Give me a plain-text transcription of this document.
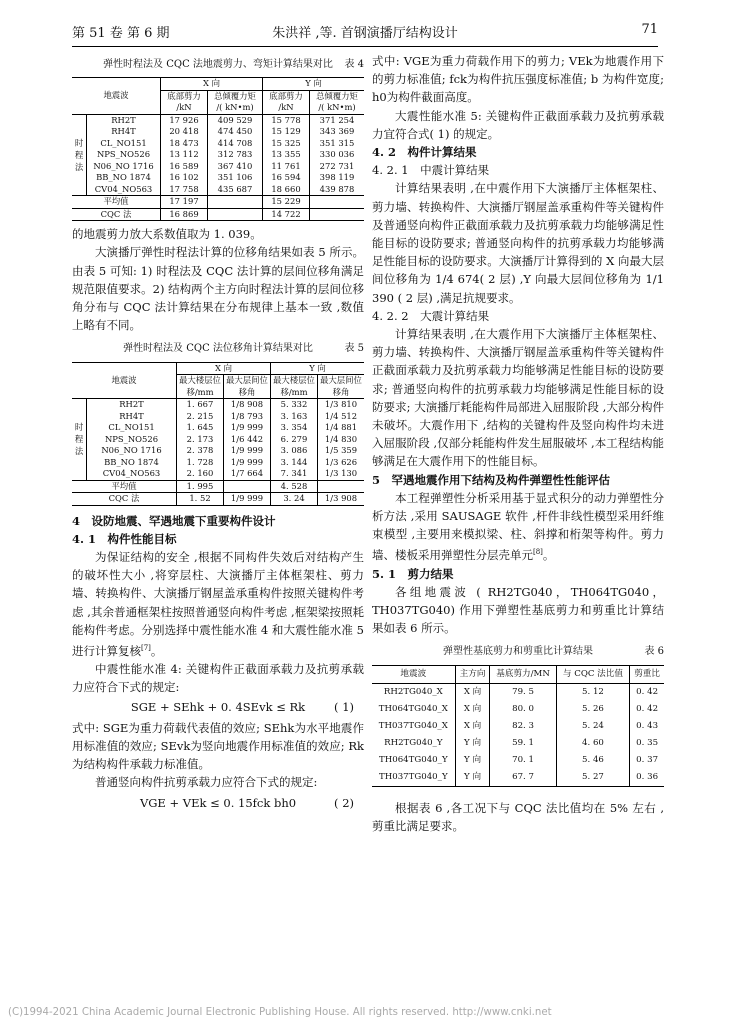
第 51 卷 第 6 期	朱洪祥 ,等. 首钢演播厅结构设计	71
弹性时程法及 CQC 法地震剪力、弯矩计算结果对比 表 4
地震波		X 向		Y 向	
		底部剪力 /kN	总倾覆力矩 /( kN•m)	底部剪力 /kN	总倾覆力矩 /( kN•m)
时程法	RH2T	17 926	409 529	15 778	371 254
	RH4T	20 418	474 450	15 129	343 369
	CL_NO151	18 473	414 708	15 325	351 315
	NPS_NO526	13 112	312 783	13 355	330 036
	N06_NO 1716	16 589	367 410	11 761	272 731
	BB_NO 1874	16 102	351 106	16 594	398 119
	CV04_NO563	17 758	435 687	18 660	439 878
平均值		17 197		15 229	
CQC 法		16 869		14 722	

的地震剪力放大系数值取为 1. 039。

大演播厅弹性时程法计算的位移角结果如表 5 所示。由表 5 可知: 1) 时程法及 CQC 法计算的层间位移角满足规范限值要求。2) 结构两个主方向时程法计算的层间位移角分布与 CQC 法计算结果在分布规律上基本一致 ,数值上略有不同。

弹性时程法及 CQC 法位移角计算结果对比	表 5
地震波		X 向		Y 向	
		最大楼层位移/mm	最大层间位移角	最大楼层位移/mm	最大层间位移角
时程法	RH2T	1. 667	1/8 908	5. 332	1/3 810
	RH4T	2. 215	1/8 793	3. 163	1/4 512
	CL_NO151	1. 645	1/9 999	3. 354	1/4 881
	NPS_NO526	2. 173	1/6 442	6. 279	1/4 830
	N06_NO 1716	2. 378	1/9 999	3. 086	1/5 359
	BB_NO 1874	1. 728	1/9 999	3. 144	1/3 626
	CV04_NO563	2. 160	1/7 664	7. 341	1/3 130
平均值		1. 995		4. 528	
CQC 法		1. 52	1/9 999	3. 24	1/3 908

4　设防地震、罕遇地震下重要构件设计

4. 1　构件性能目标

为保证结构的安全 ,根据不同构件失效后对结构产生的破坏性大小 ,将穿层柱、大演播厅主体框架柱、剪力墙、转换构件、大演播厅钢屋盖承重构件按照关键构件考虑 ,其余普通框架柱按照普通竖向构件考虑 ,框架梁按照耗能构件考虑。分别选择中震性能水准 4 和大震性能水准 5 进行计算复核[7]。

中震性能水准 4: 关键构件正截面承载力及抗剪承载力应符合下式的规定:

SGE + SEhk + 0. 4SEvk ≤ Rk	( 1)

式中: SGE为重力荷载代表值的效应; SEhk为水平地震作用标准值的效应; SEvk为竖向地震作用标准值的效应; Rk为结构构件承载力标准值。

普通竖向构件抗剪承载力应符合下式的规定:

VGE + VEk ≤ 0. 15fck bh0	( 2)

式中: VGE为重力荷载作用下的剪力; VEk为地震作用下的剪力标准值; fck为构件抗压强度标准值; b 为构件宽度; h0为构件截面高度。

大震性能水准 5: 关键构件正截面承载力及抗剪承载力宜符合式( 1) 的规定。

4. 2　构件计算结果

4. 2. 1　中震计算结果

计算结果表明 ,在中震作用下大演播厅主体框架柱、剪力墙、转换构件、大演播厅钢屋盖承重构件等关键构件及普通竖向构件正截面承载力及抗剪承载力均能够满足性能目标的设防要求; 普通竖向构件的抗剪承载力均能够满足性能目标的设防要求。大演播厅计算得到的 X 向最大层间位移角为 1/4 674( 2 层) ,Y 向最大层间位移角为 1/1 390 ( 2 层) ,满足抗规要求。

4. 2. 2　大震计算结果

计算结果表明 ,在大震作用下大演播厅主体框架柱、剪力墙、转换构件、大演播厅钢屋盖承重构件等关键构件正截面承载力及抗剪承载力均能够满足性能目标的设防要求; 普通竖向构件的抗剪承载力均能够满足性能目标的设防要求; 大演播厅耗能构件局部进入屈服阶段 ,大部分构件未破坏。大震作用下 ,结构的关键构件及竖向构件均未进入屈服阶段 ,仅部分耗能构件发生屈服破坏 ,本工程结构能够满足在大震作用下的性能目标。

5　罕遇地震作用下结构及构件弹塑性性能评估

本工程弹塑性分析采用基于显式积分的动力弹塑性分析方法 ,采用 SAUSAGE 软件 ,杆件非线性模型采用纤维束模型 ,主要用来模拟梁、柱、斜撑和桁架等构件。剪力墙、楼板采用弹塑性分层壳单元[8]。

5. 1　剪力结果

各组地震波 ( RH2TG040，TH064TG040，TH037TG040) 作用下弹塑性基底剪力和剪重比计算结果如表 6 所示。

弹塑性基底剪力和剪重比计算结果	表 6
地震波	主方向	基底剪力/MN	与 CQC 法比值	剪重比
RH2TG040_X	X 向	79. 5	5. 12	0. 42
TH064TG040_X	X 向	80. 0	5. 26	0. 42
TH037TG040_X	X 向	82. 3	5. 24	0. 43
RH2TG040_Y	Y 向	59. 1	4. 60	0. 35
TH064TG040_Y	Y 向	70. 1	5. 46	0. 37
TH037TG040_Y	Y 向	67. 7	5. 27	0. 36

根据表 6 ,各工况下与 CQC 法比值均在 5% 左右 ,剪重比满足要求。

(C)1994-2021 China Academic Journal Electronic Publishing House. All rights reserved. http://www.cnki.net
